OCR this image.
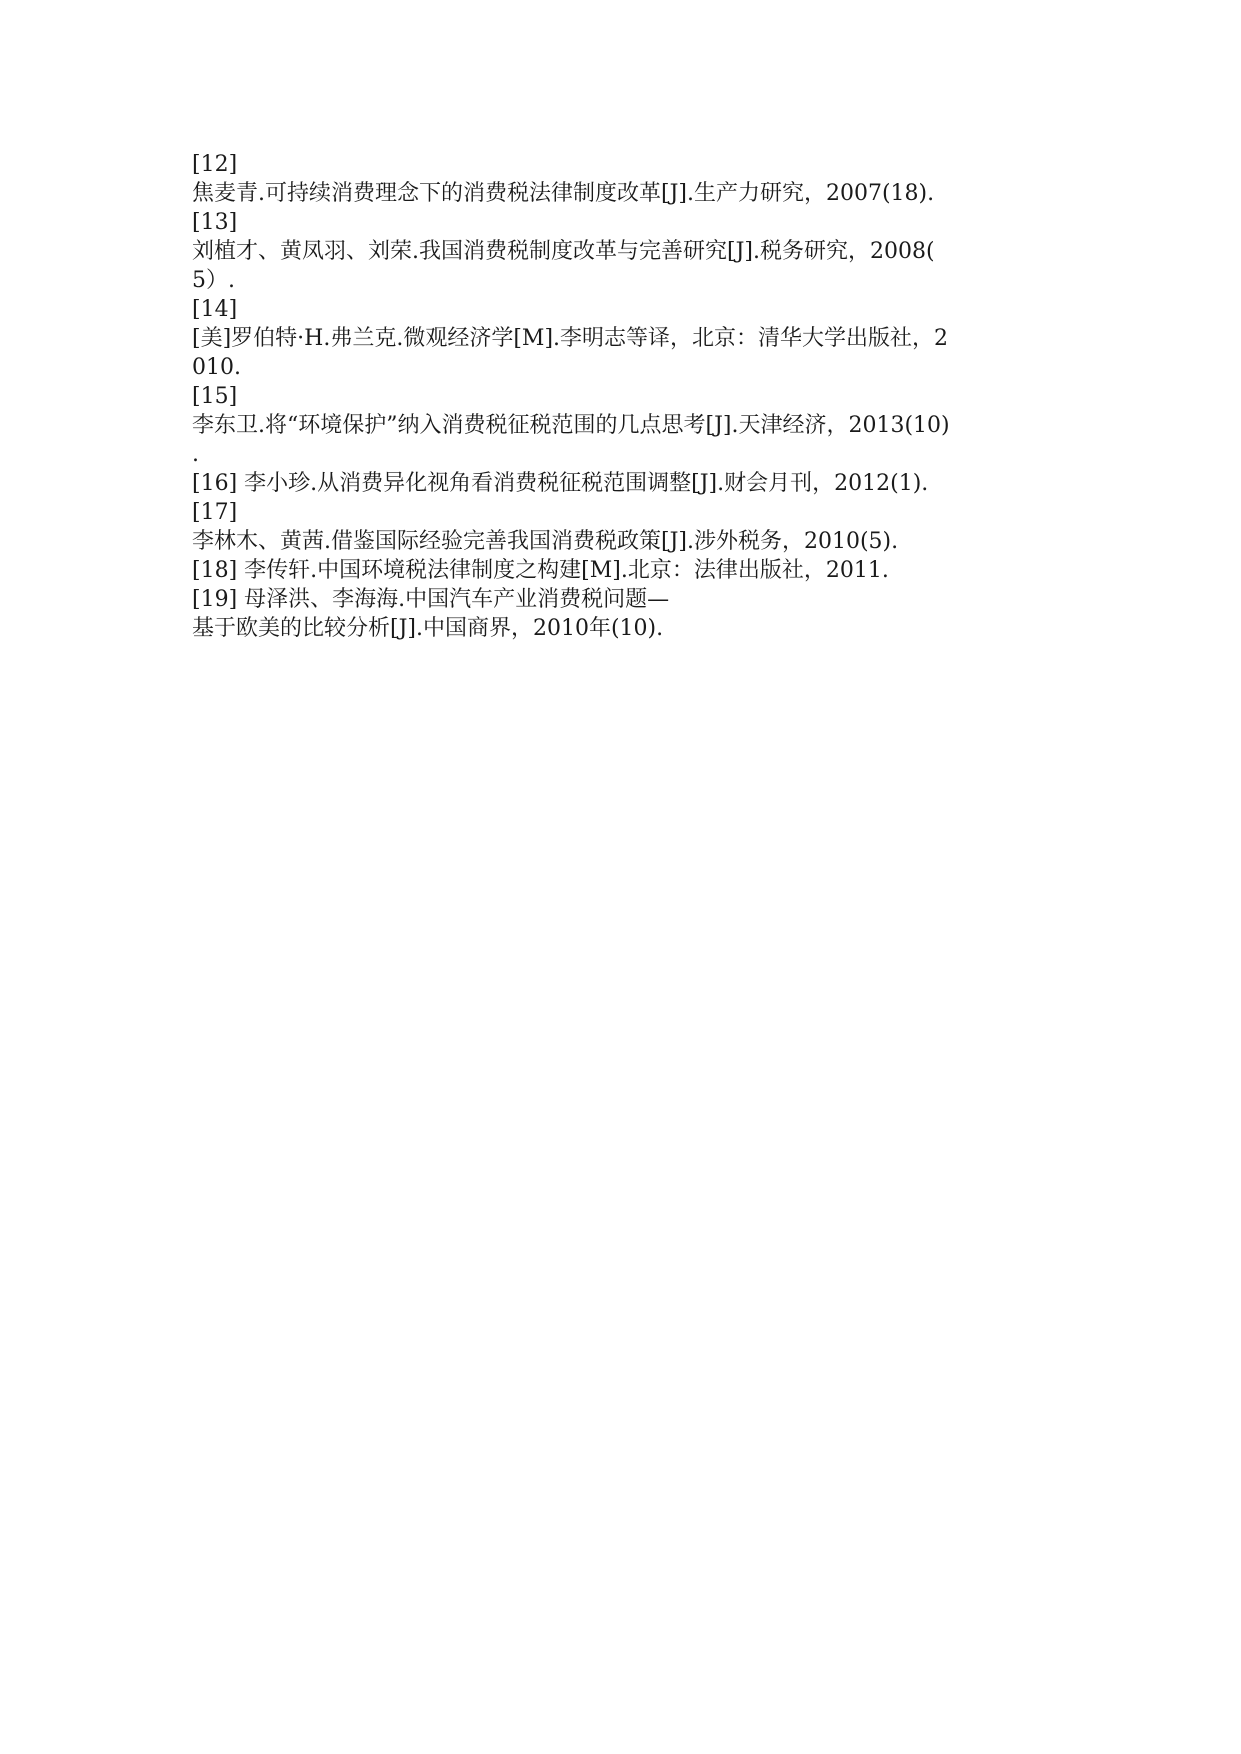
[12]
焦麦青.可持续消费理念下的消费税法律制度改革[J].生产力研究，2007(18).
[13]
刘植才、黄凤羽、刘荣.我国消费税制度改革与完善研究[J].税务研究，2008(
5）.
[14]
[美]罗伯特·H.弗兰克.微观经济学[M].李明志等译，北京：清华大学出版社，2
010.
[15]
李东卫.将“环境保护”纳入消费税征税范围的几点思考[J].天津经济，2013(10)
.
[16] 李小珍.从消费异化视角看消费税征税范围调整[J].财会月刊，2012(1).
[17]
李林木、黄茜.借鉴国际经验完善我国消费税政策[J].涉外税务，2010(5).
[18] 李传轩.中国环境税法律制度之构建[M].北京：法律出版社，2011.
[19] 母泽洪、李海海.中国汽车产业消费税问题—
基于欧美的比较分析[J].中国商界，2010年(10).
